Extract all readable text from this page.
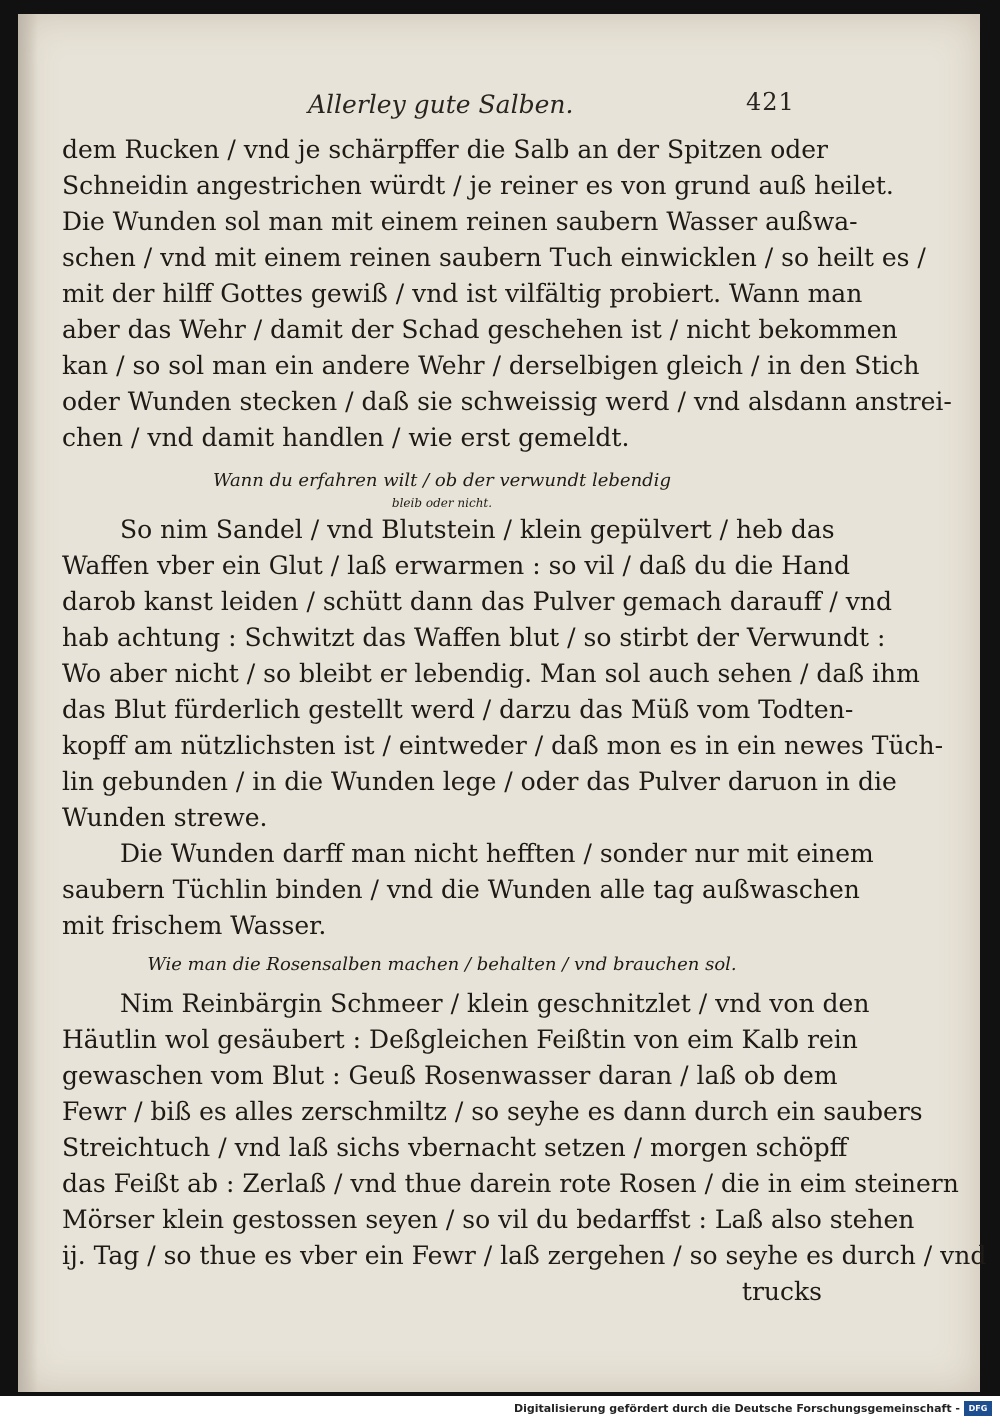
Allerley gute Salben.	421
dem Rucken / vnd je schärpffer die Salb an der Spitzen oder
Schneidin angestrichen würdt / je reiner es von grund auß heilet.
Die Wunden sol man mit einem reinen saubern Wasser außwa-
schen / vnd mit einem reinen saubern Tuch einwicklen / so heilt es /
mit der hilff Gottes gewiß / vnd ist vilfältig probiert. Wann man
aber das Wehr / damit der Schad geschehen ist / nicht bekommen
kan / so sol man ein andere Wehr / derselbigen gleich / in den Stich
oder Wunden stecken / daß sie schweissig werd / vnd alsdann anstrei-
chen / vnd damit handlen / wie erst gemeldt.
Wann du erfahren wilt / ob der verwundt lebendig
bleib oder nicht.
So nim Sandel / vnd Blutstein / klein gepülvert / heb das
Waffen vber ein Glut / laß erwarmen : so vil / daß du die Hand
darob kanst leiden / schütt dann das Pulver gemach darauff / vnd
hab achtung : Schwitzt das Waffen blut / so stirbt der Verwundt :
Wo aber nicht / so bleibt er lebendig. Man sol auch sehen / daß ihm
das Blut fürderlich gestellt werd / darzu das Müß vom Todten-
kopff am nützlichsten ist / eintweder / daß mon es in ein newes Tüch-
lin gebunden / in die Wunden lege / oder das Pulver daruon in die
Wunden strewe.
Die Wunden darff man nicht hefften / sonder nur mit einem
saubern Tüchlin binden / vnd die Wunden alle tag außwaschen
mit frischem Wasser.
Wie man die Rosensalben machen / behalten / vnd brauchen sol.
Nim Reinbärgin Schmeer / klein geschnitzlet / vnd von den
Häutlin wol gesäubert : Deßgleichen Feißtin von eim Kalb rein
gewaschen vom Blut : Geuß Rosenwasser daran / laß ob dem
Fewr / biß es alles zerschmiltz / so seyhe es dann durch ein saubers
Streichtuch / vnd laß sichs vbernacht setzen / morgen schöpff
das Feißt ab : Zerlaß / vnd thue darein rote Rosen / die in eim steinern
Mörser klein gestossen seyen / so vil du bedarffst : Laß also stehen
ij. Tag / so thue es vber ein Fewr / laß zergehen / so seyhe es durch / vnd
trucks
Digitalisierung gefördert durch die Deutsche Forschungsgemeinschaft -	DFG
